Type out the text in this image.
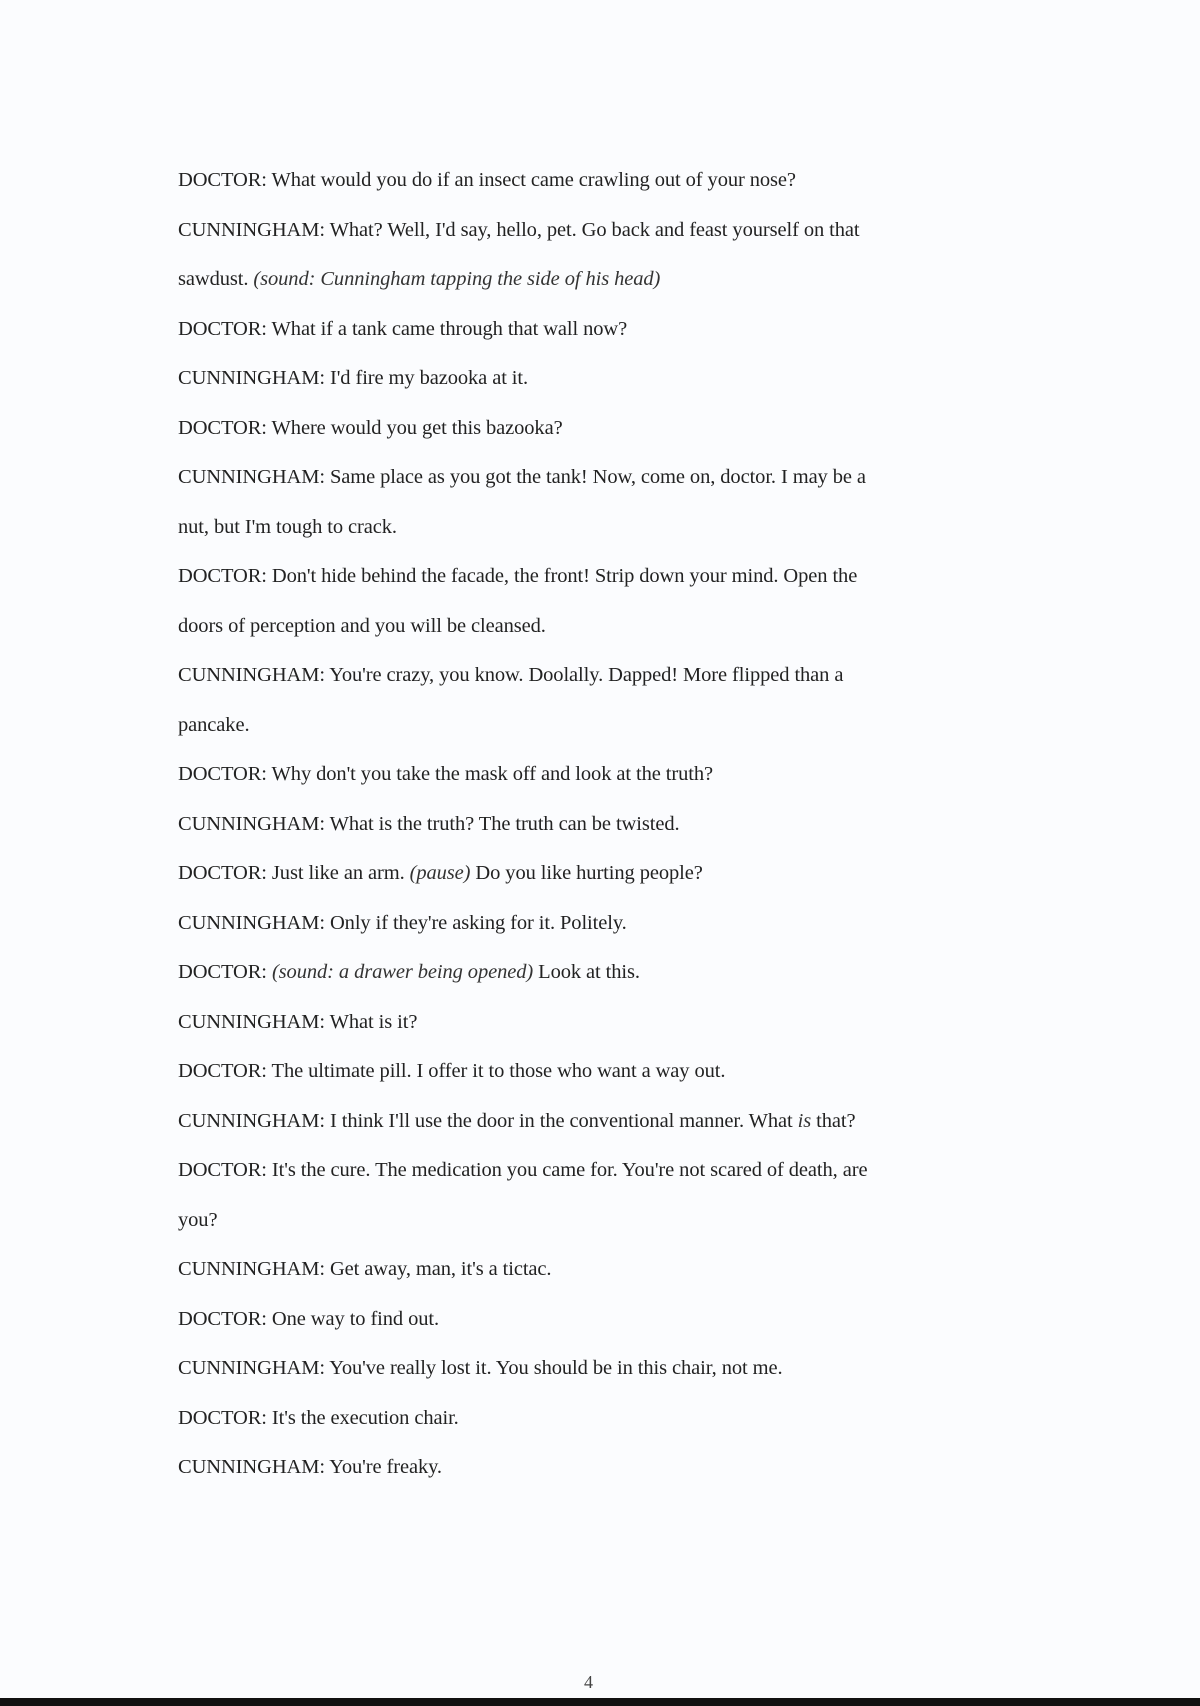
DOCTOR: What would you do if an insect came crawling out of your nose?

CUNNINGHAM: What? Well, I'd say, hello, pet. Go back and feast yourself on that

sawdust. (sound: Cunningham tapping the side of his head)

DOCTOR: What if a tank came through that wall now?

CUNNINGHAM: I'd fire my bazooka at it.

DOCTOR: Where would you get this bazooka?

CUNNINGHAM: Same place as you got the tank! Now, come on, doctor. I may be a

nut, but I'm tough to crack.

DOCTOR: Don't hide behind the facade, the front! Strip down your mind. Open the

doors of perception and you will be cleansed.

CUNNINGHAM: You're crazy, you know. Doolally. Dapped! More flipped than a

pancake.

DOCTOR: Why don't you take the mask off and look at the truth?

CUNNINGHAM: What is the truth? The truth can be twisted.

DOCTOR: Just like an arm. (pause) Do you like hurting people?

CUNNINGHAM: Only if they're asking for it. Politely.

DOCTOR: (sound: a drawer being opened) Look at this.

CUNNINGHAM: What is it?

DOCTOR: The ultimate pill. I offer it to those who want a way out.

CUNNINGHAM: I think I'll use the door in the conventional manner. What is that?

DOCTOR: It's the cure. The medication you came for. You're not scared of death, are

you?

CUNNINGHAM: Get away, man, it's a tictac.

DOCTOR: One way to find out.

CUNNINGHAM: You've really lost it. You should be in this chair, not me.

DOCTOR: It's the execution chair.

CUNNINGHAM: You're freaky.

4
